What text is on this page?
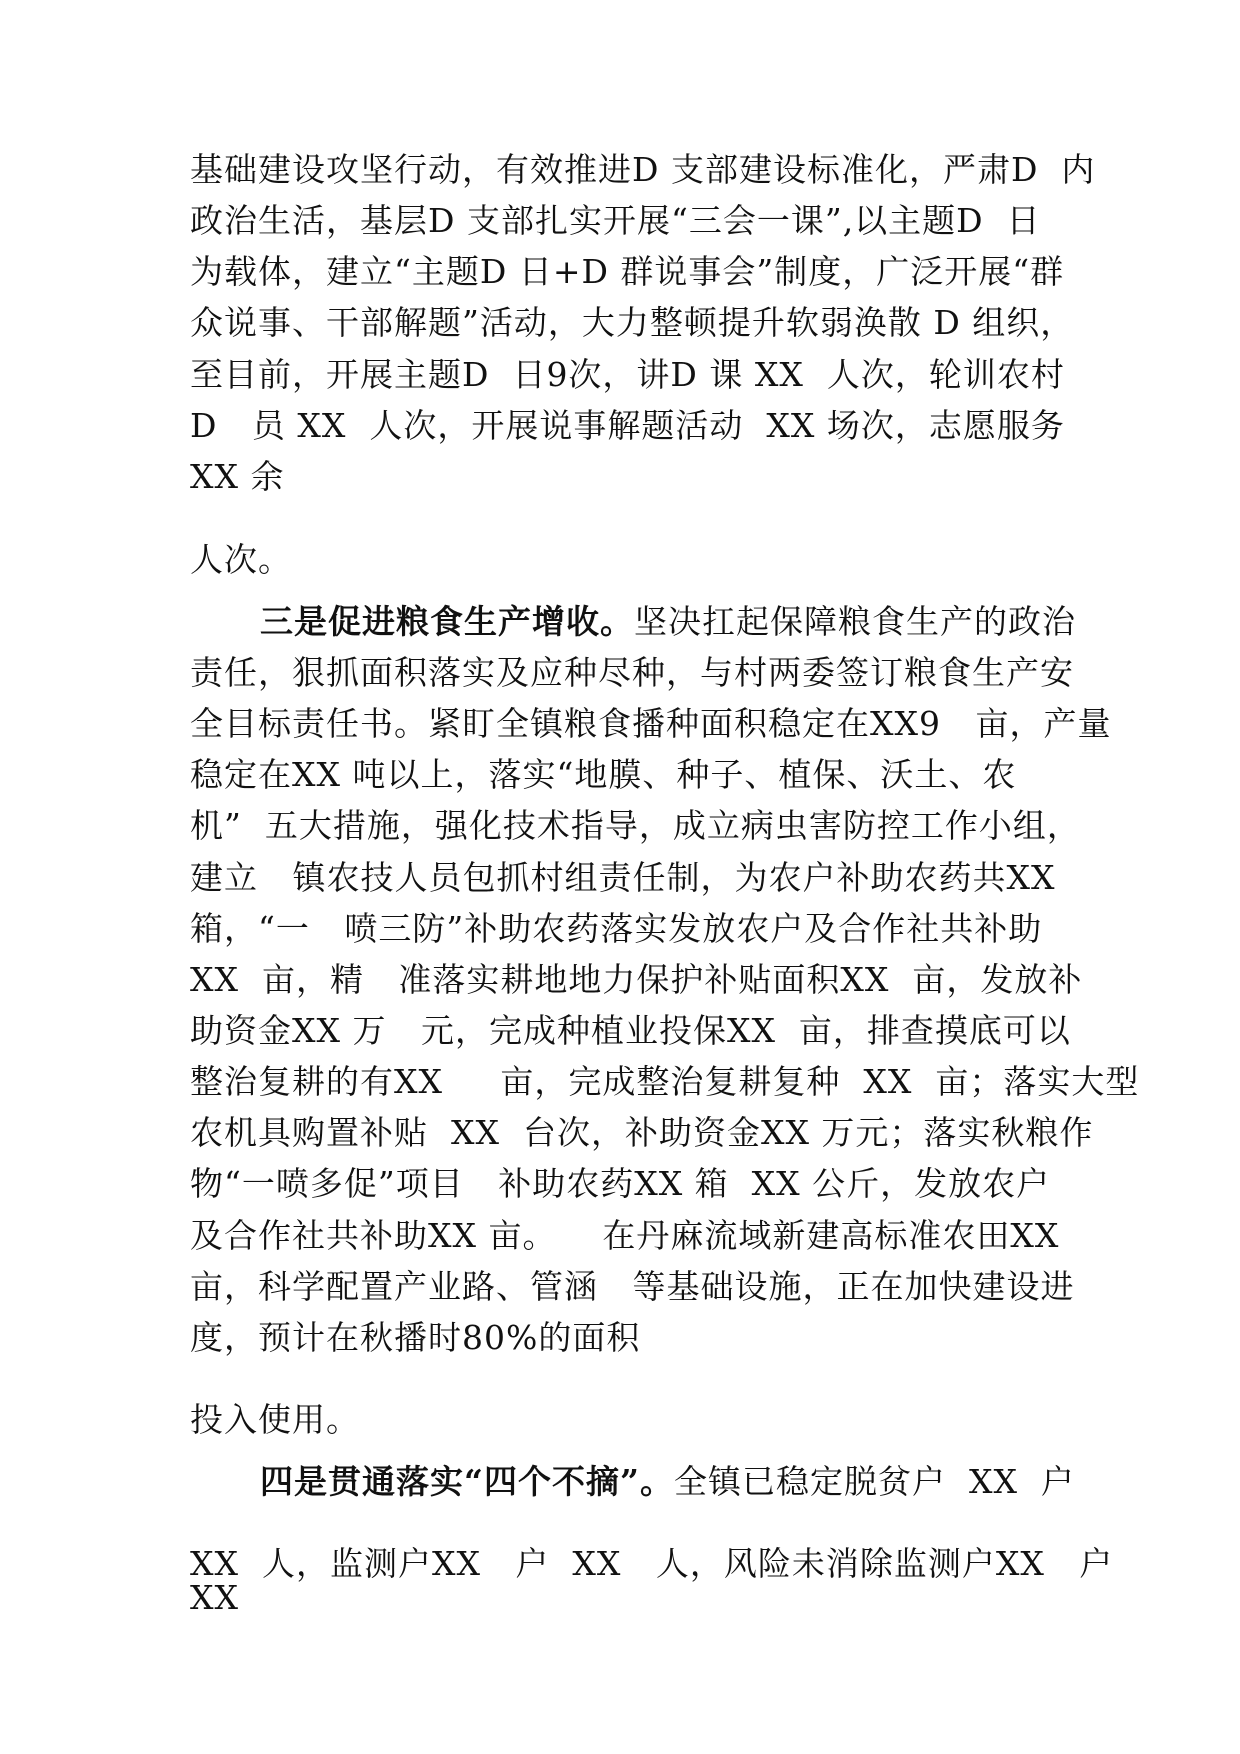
基础建设攻坚行动，有效推进D 支部建设标准化，严肃D  内
政治生活，基层D 支部扎实开展“三会一课”,以主题D  日
为载体，建立“主题D 日+D 群说事会”制度，广泛开展“群
众说事、干部解题”活动，大力整顿提升软弱涣散 D 组织，
至目前，开展主题D  日9次，讲D 课 XX  人次，轮训农村
D   员 XX  人次，开展说事解题活动  XX 场次，志愿服务
XX 余
人次。
三是促进粮食生产增收。坚决扛起保障粮食生产的政治
责任，狠抓面积落实及应种尽种，与村两委签订粮食生产安
全目标责任书。紧盯全镇粮食播种面积稳定在XX9   亩，产量
稳定在XX 吨以上，落实“地膜、种子、植保、沃土、农
机”  五大措施，强化技术指导，成立病虫害防控工作小组，
建立   镇农技人员包抓村组责任制，为农户补助农药共XX
箱，“一   喷三防”补助农药落实发放农户及合作社共补助
XX  亩，精   准落实耕地地力保护补贴面积XX  亩，发放补
助资金XX 万   元，完成种植业投保XX  亩，排查摸底可以
整治复耕的有XX     亩，完成整治复耕复种  XX  亩；落实大型
农机具购置补贴  XX  台次，补助资金XX 万元；落实秋粮作
物“一喷多促”项目   补助农药XX 箱  XX 公斤，发放农户
及合作社共补助XX 亩。    在丹麻流域新建高标准农田XX
亩，科学配置产业路、管涵   等基础设施，正在加快建设进
度，预计在秋播时80%的面积
投入使用。
四是贯通落实“四个不摘”。全镇已稳定脱贫户  XX  户
XX  人，监测户XX   户  XX   人，风险未消除监测户XX   户
XX
